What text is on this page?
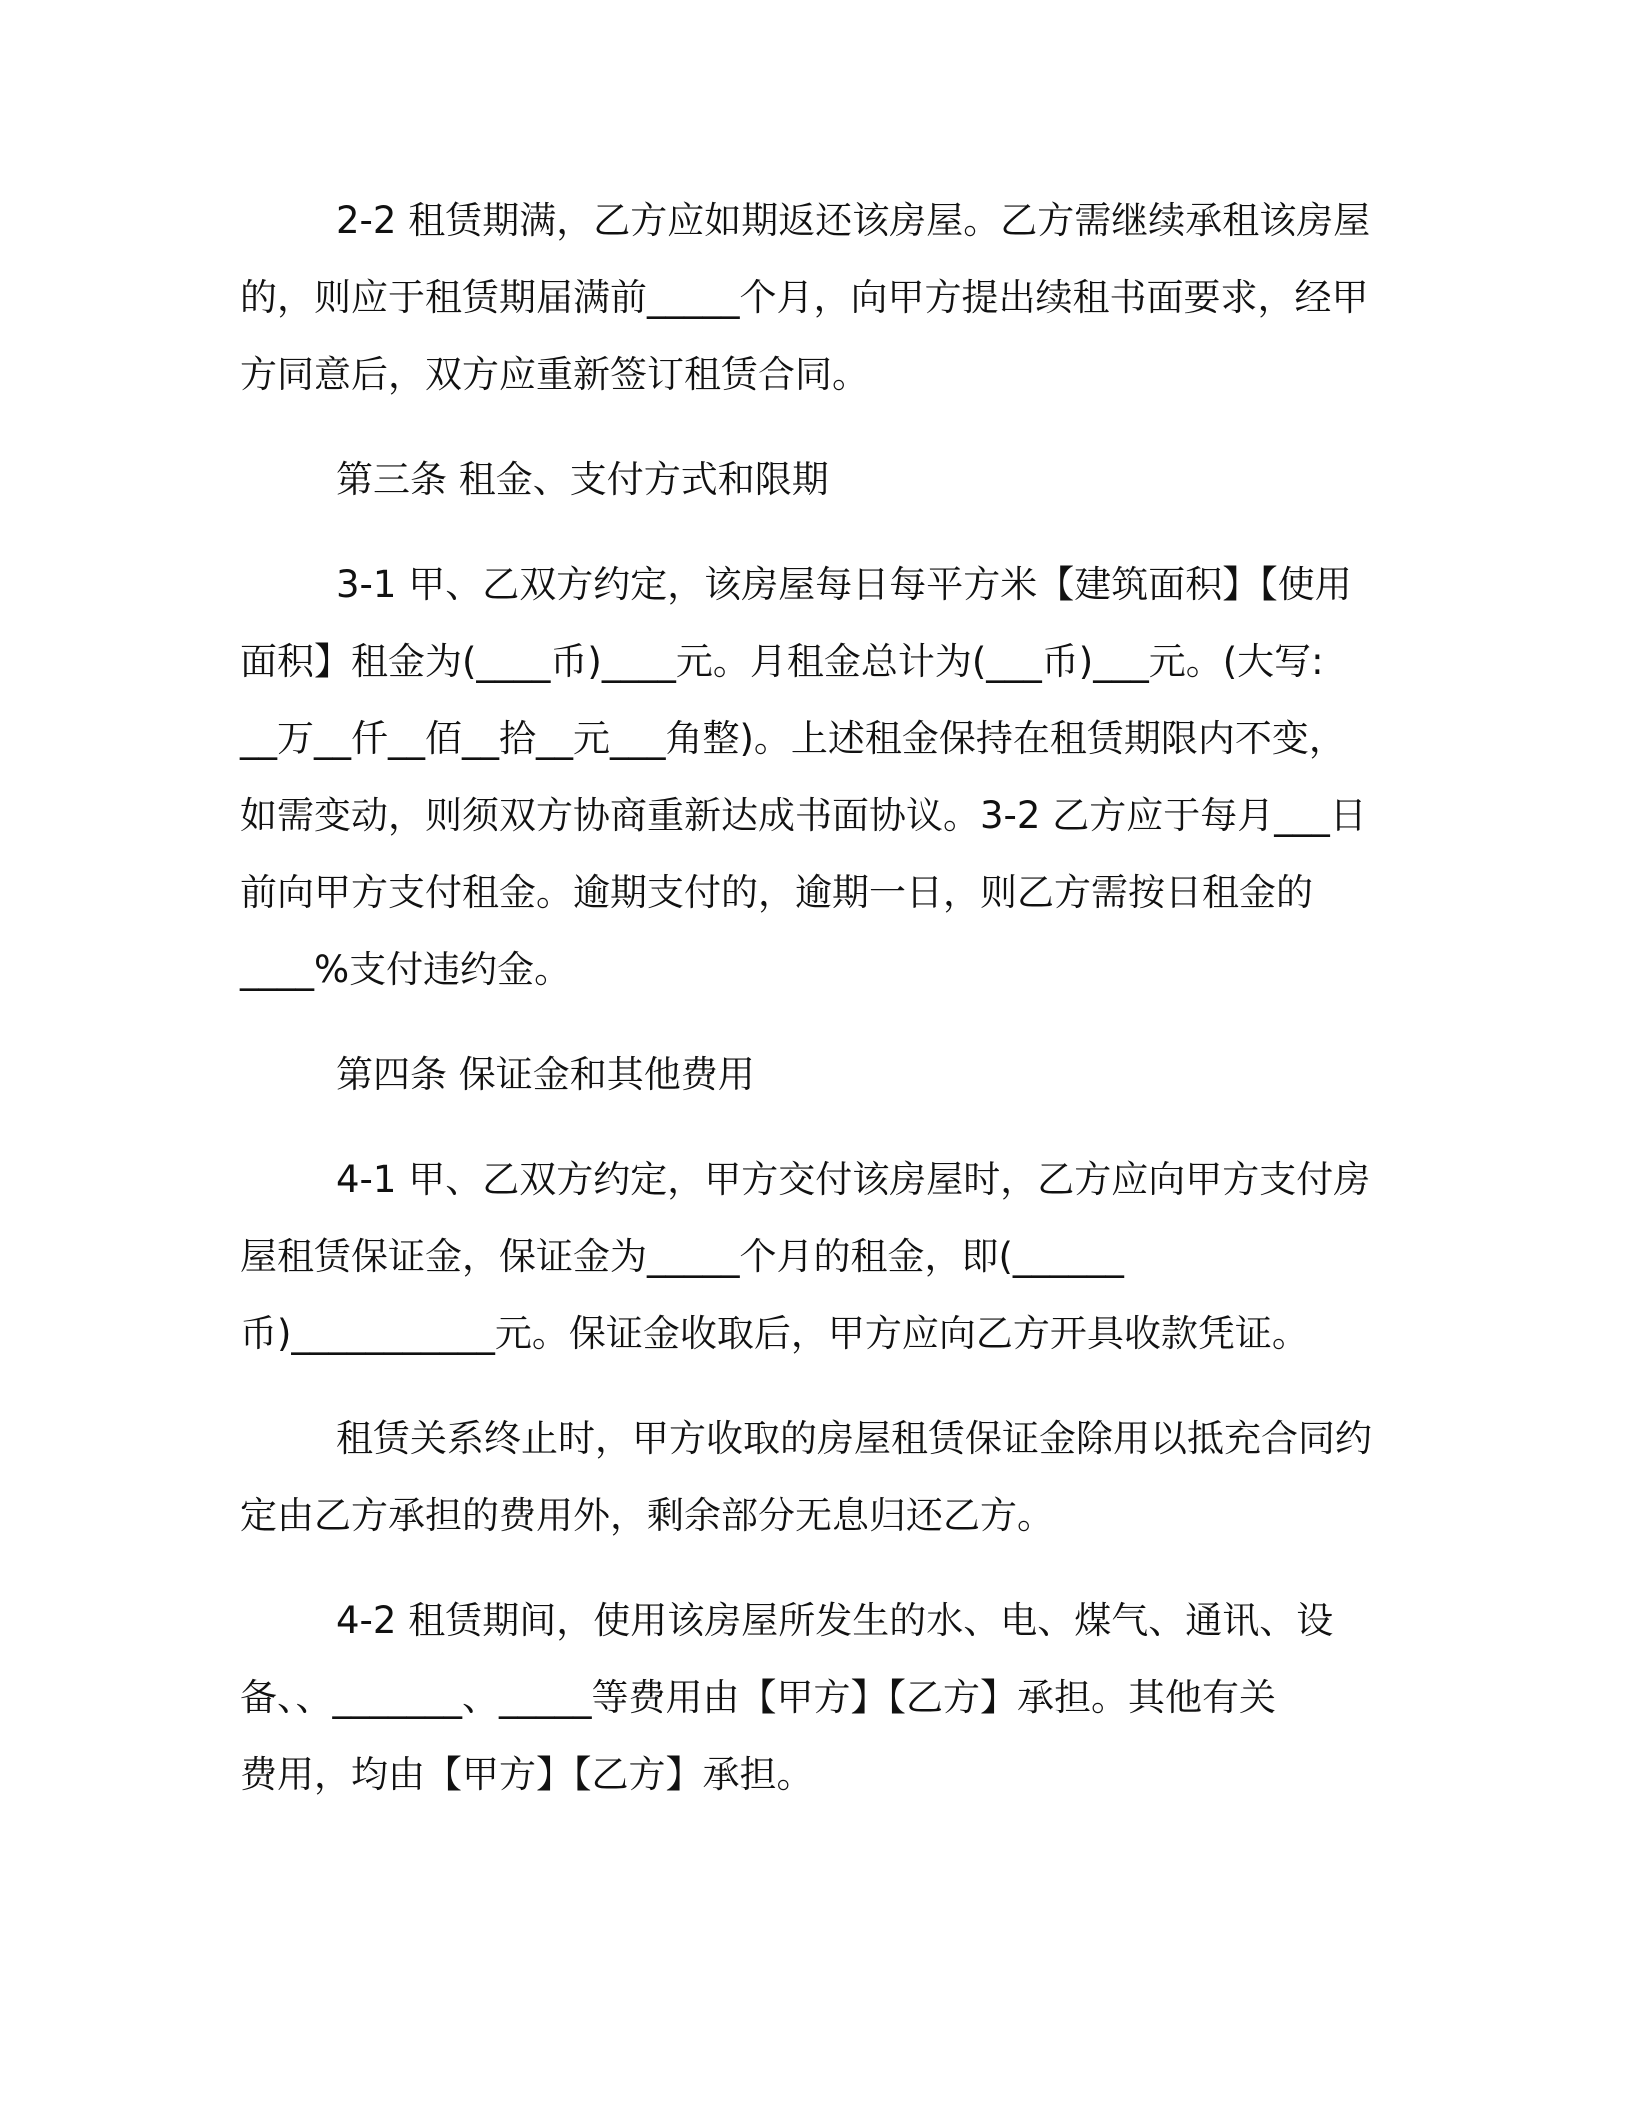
2-2 租赁期满，乙方应如期返还该房屋。乙方需继续承租该房屋
的，则应于租赁期届满前_____个月，向甲方提出续租书面要求，经甲
方同意后，双方应重新签订租赁合同。

第三条 租金、支付方式和限期

3-1 甲、乙双方约定，该房屋每日每平方米【建筑面积】【使用
面积】租金为(____币)____元。月租金总计为(___币)___元。(大写:
__万__仟__佰__拾__元___角整)。上述租金保持在租赁期限内不变，
如需变动，则须双方协商重新达成书面协议。3-2 乙方应于每月___日
前向甲方支付租金。逾期支付的，逾期一日，则乙方需按日租金的
____%支付违约金。

第四条 保证金和其他费用

4-1 甲、乙双方约定，甲方交付该房屋时，乙方应向甲方支付房
屋租赁保证金，保证金为_____个月的租金，即(______
币)___________元。保证金收取后，甲方应向乙方开具收款凭证。

租赁关系终止时，甲方收取的房屋租赁保证金除用以抵充合同约
定由乙方承担的费用外，剩余部分无息归还乙方。

4-2 租赁期间，使用该房屋所发生的水、电、煤气、通讯、设
备、、_______、_____等费用由【甲方】【乙方】承担。其他有关
费用，均由【甲方】【乙方】承担。
